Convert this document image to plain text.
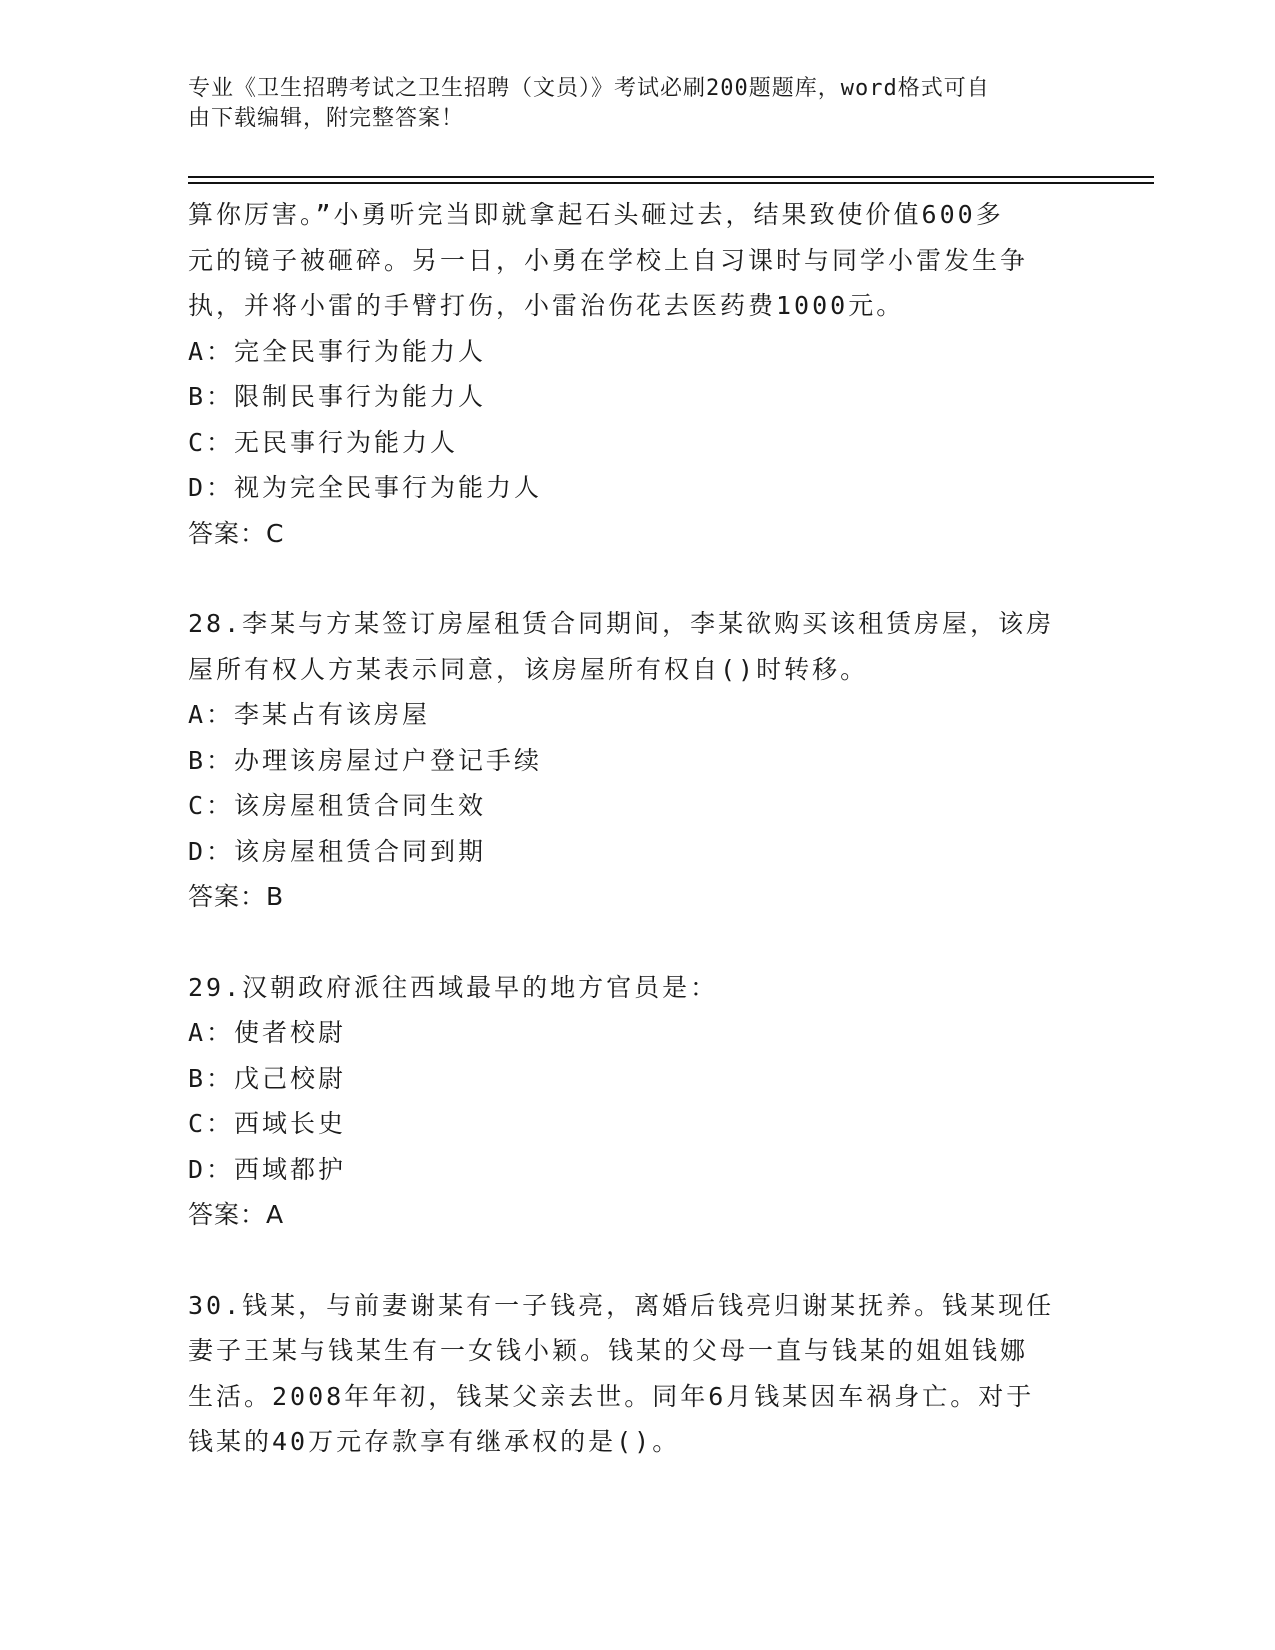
专业《卫生招聘考试之卫生招聘（文员）》考试必刷200题题库，word格式可自
由下载编辑，附完整答案！
算你厉害。”小勇听完当即就拿起石头砸过去，结果致使价值600多
元的镜子被砸碎。另一日，小勇在学校上自习课时与同学小雷发生争
执，并将小雷的手臂打伤，小雷治伤花去医药费1000元。
A：完全民事行为能力人
B：限制民事行为能力人
C：无民事行为能力人
D：视为完全民事行为能力人
答案：C
28.李某与方某签订房屋租赁合同期间，李某欲购买该租赁房屋，该房
屋所有权人方某表示同意，该房屋所有权自()时转移。
A：李某占有该房屋
B：办理该房屋过户登记手续
C：该房屋租赁合同生效
D：该房屋租赁合同到期
答案：B
29.汉朝政府派往西域最早的地方官员是：
A：使者校尉
B：戊己校尉
C：西域长史
D：西域都护
答案：A
30.钱某，与前妻谢某有一子钱亮，离婚后钱亮归谢某抚养。钱某现任
妻子王某与钱某生有一女钱小颖。钱某的父母一直与钱某的姐姐钱娜
生活。2008年年初，钱某父亲去世。同年6月钱某因车祸身亡。对于
钱某的40万元存款享有继承权的是()。
